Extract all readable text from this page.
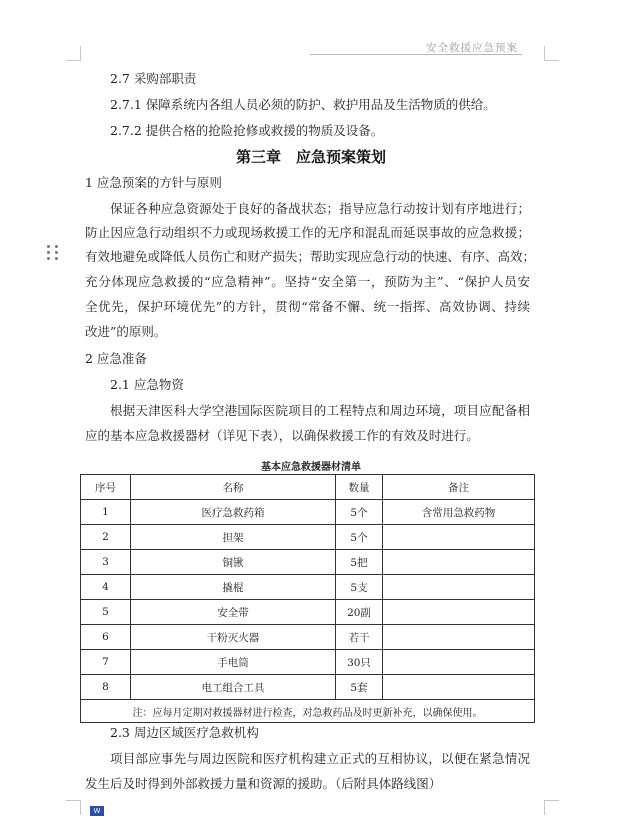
安全救援应急预案
2.7 采购部职责
2.7.1 保障系统内各组人员必须的防护、救护用品及生活物质的供给。
2.7.2 提供合格的抢险抢修或救援的物质及设备。
第三章　应急预案策划
1 应急预案的方针与原则
保证各种应急资源处于良好的备战状态；指导应急行动按计划有序地进行；
防止因应急行动组织不力或现场救援工作的无序和混乱而延误事故的应急救援；
有效地避免或降低人员伤亡和财产损失；帮助实现应急行动的快速、有序、高效；
充分体现应急救援的“应急精神”。坚持“安全第一，预防为主”、“保护人员安
全优先，保护环境优先”的方针，贯彻“常备不懈、统一指挥、高效协调、持续
改进”的原则。
2 应急准备
2.1 应急物资
根据天津医科大学空港国际医院项目的工程特点和周边环境，项目应配备相
应的基本应急救援器材（详见下表），以确保救援工作的有效及时进行。
基本应急救援器材清单
序号	名称	数量	备注
1	医疗急救药箱	5个	含常用急救药物
2	担架	5个	
3	铜锹	5把	
4	撬棍	5支	
5	安全带	20副	
6	干粉灭火器	若干	
7	手电筒	30只	
8	电工组合工具	5套	
注：应每月定期对救援器材进行检查，对急救药品及时更新补充，以确保使用。			
2.3 周边区域医疗急救机构
项目部应事先与周边医院和医疗机构建立正式的互相协议，以便在紧急情况
发生后及时得到外部救援力量和资源的援助。（后附具体路线图）
W
